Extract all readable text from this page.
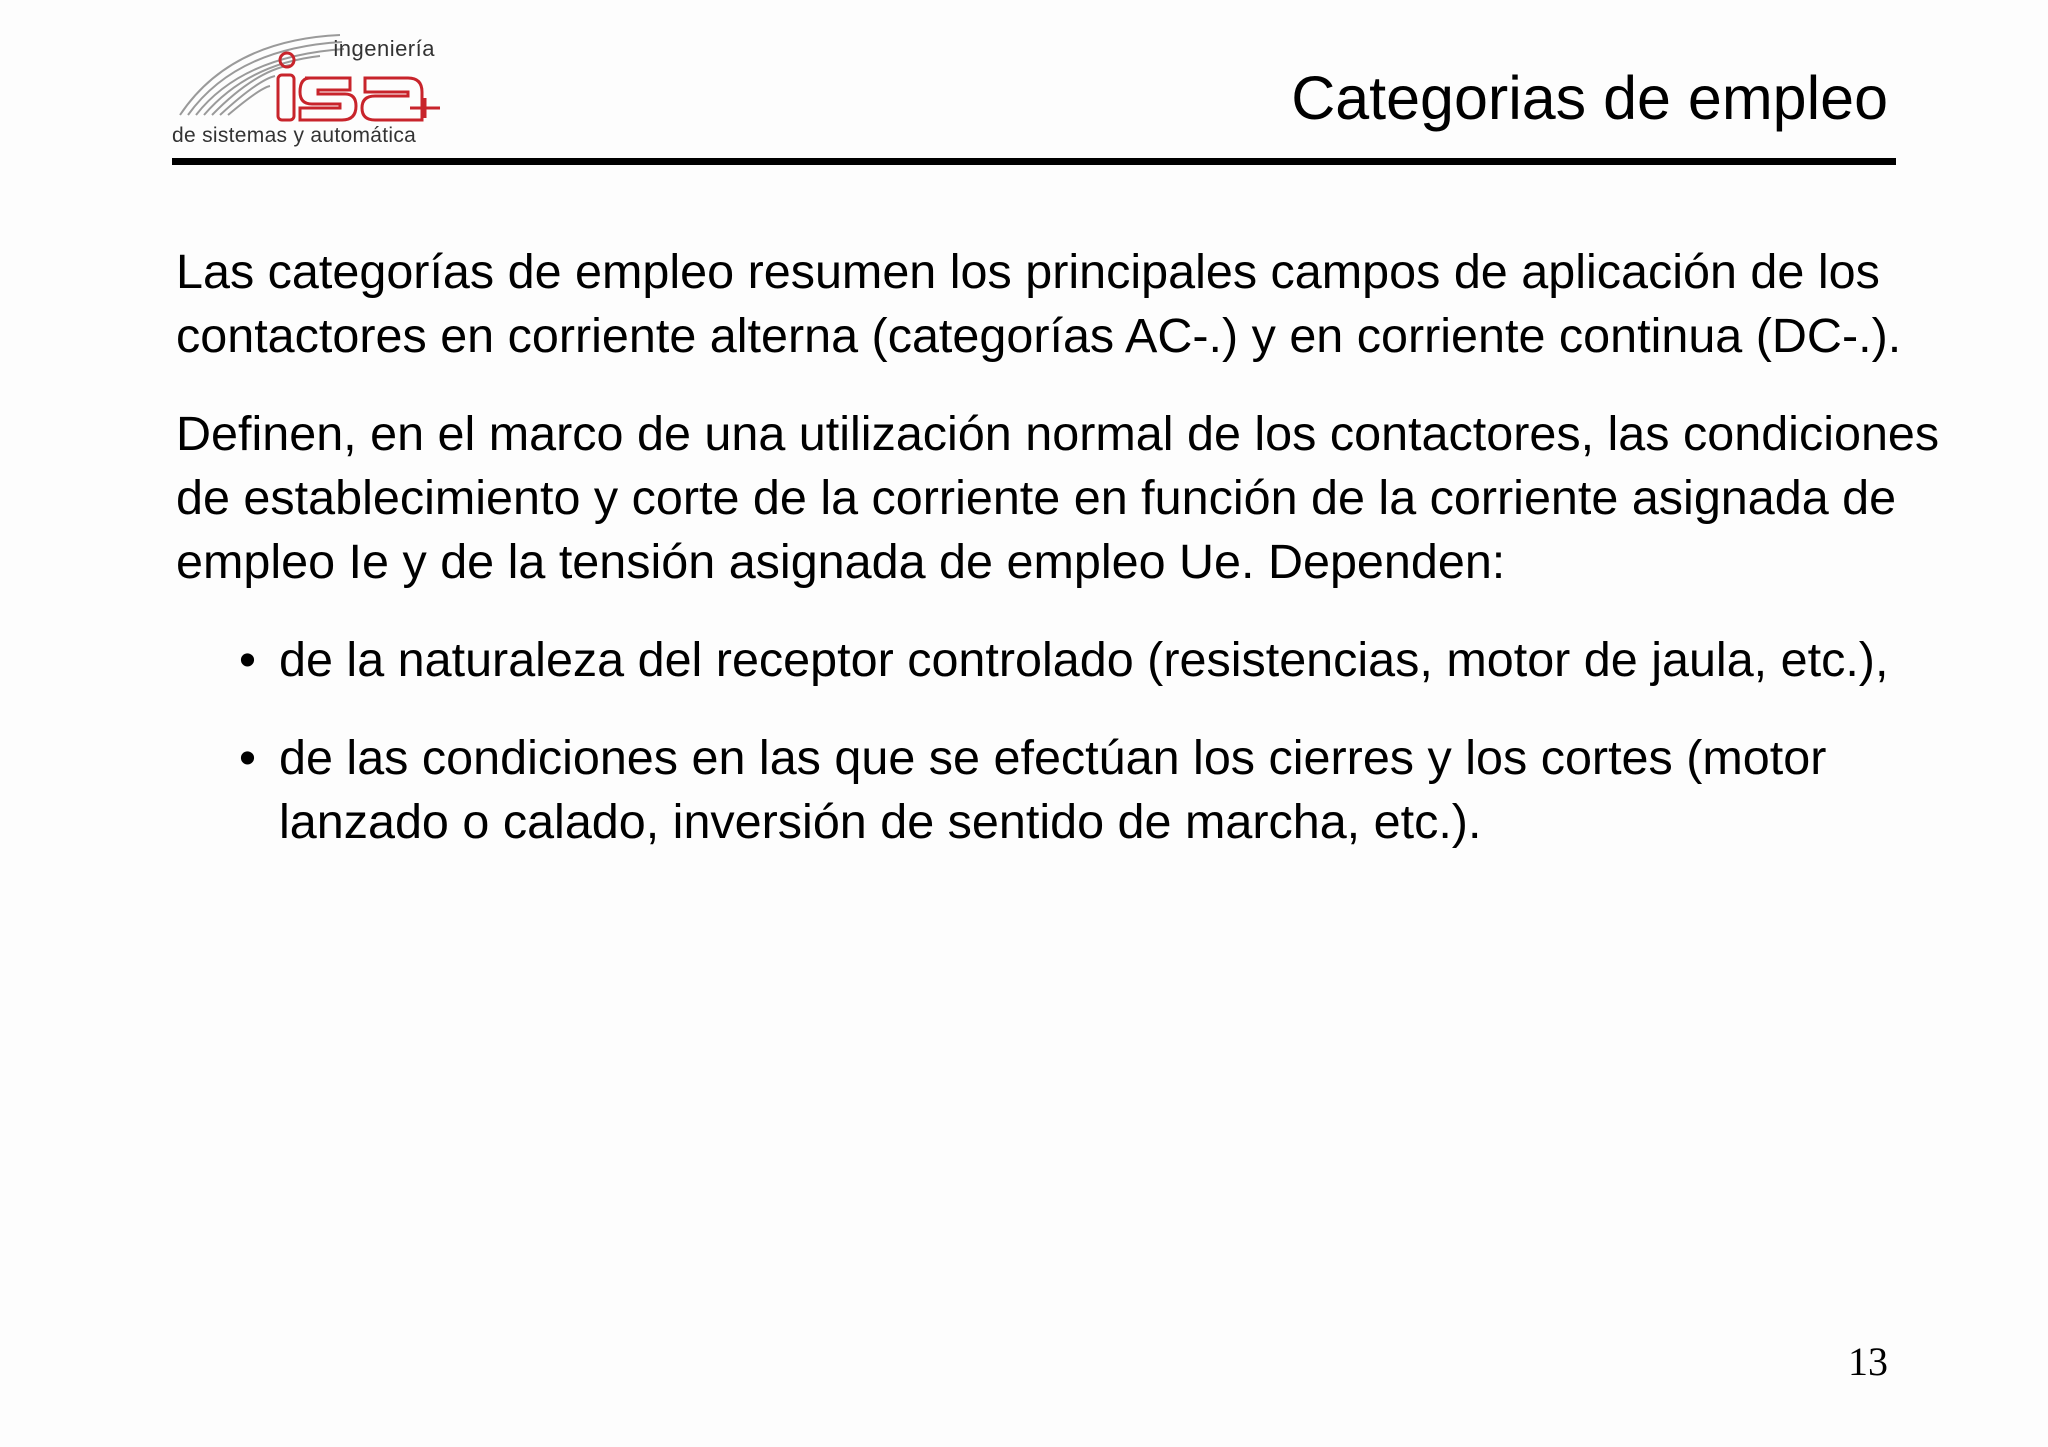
ingeniería
de sistemas y automática
Categorias de empleo

Las categorías de empleo resumen los principales campos de aplicación de los contactores en corriente alterna (categorías AC-.) y en corriente continua (DC-.).

Definen, en el marco de una utilización normal de los contactores, las condiciones de establecimiento y corte de la corriente en función de la corriente asignada de empleo Ie y de la tensión asignada de empleo Ue. Dependen:

• de la naturaleza del receptor controlado (resistencias, motor de jaula, etc.),
• de las condiciones en las que se efectúan los cierres y los cortes (motor lanzado o calado, inversión de sentido de marcha, etc.).
13
